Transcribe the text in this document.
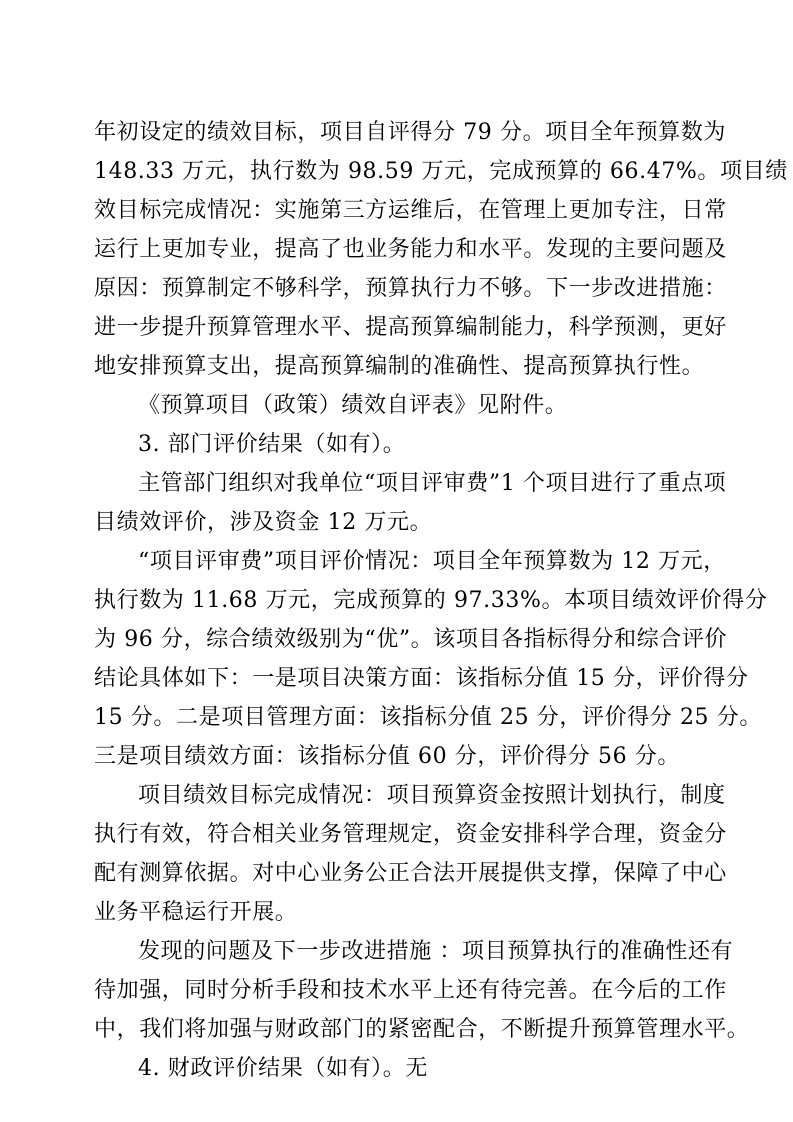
年初设定的绩效目标，项目自评得分 79 分。项目全年预算数为
148.33 万元，执行数为 98.59 万元，完成预算的 66.47%。项目绩
效目标完成情况：实施第三方运维后，在管理上更加专注，日常
运行上更加专业，提高了也业务能力和水平。发现的主要问题及
原因：预算制定不够科学，预算执行力不够。下一步改进措施：
进一步提升预算管理水平、提高预算编制能力，科学预测，更好
地安排预算支出，提高预算编制的准确性、提高预算执行性。
《预算项目（政策）绩效自评表》见附件。
3. 部门评价结果（如有）。
主管部门组织对我单位“项目评审费”1 个项目进行了重点项
目绩效评价，涉及资金 12 万元。
“项目评审费”项目评价情况：项目全年预算数为 12 万元，
执行数为 11.68 万元，完成预算的 97.33%。本项目绩效评价得分
为 96 分，综合绩效级别为“优”。该项目各指标得分和综合评价
结论具体如下：一是项目决策方面：该指标分值 15 分，评价得分
15 分。二是项目管理方面：该指标分值 25 分，评价得分 25 分。
三是项目绩效方面：该指标分值 60 分，评价得分 56 分。
项目绩效目标完成情况：项目预算资金按照计划执行，制度
执行有效，符合相关业务管理规定，资金安排科学合理，资金分
配有测算依据。对中心业务公正合法开展提供支撑，保障了中心
业务平稳运行开展。
发现的问题及下一步改进措施 ：项目预算执行的准确性还有
待加强，同时分析手段和技术水平上还有待完善。在今后的工作
中，我们将加强与财政部门的紧密配合，不断提升预算管理水平。
4. 财政评价结果（如有）。无
